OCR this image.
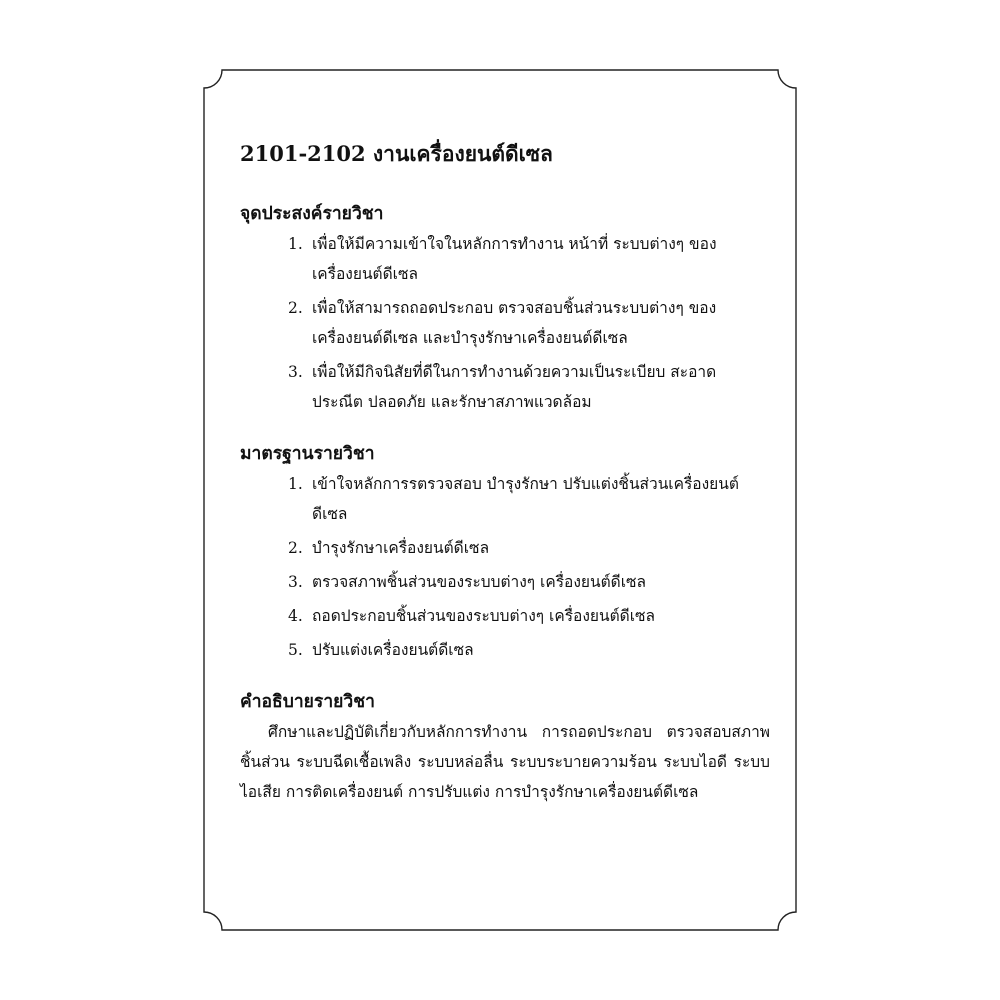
2101-2102 งานเครื่องยนต์ดีเซล
จุดประสงค์รายวิชา
1. เพื่อให้มีความเข้าใจในหลักการทำงาน หน้าที่ ระบบต่างๆ ของเครื่องยนต์ดีเซล
2. เพื่อให้สามารถถอดประกอบ ตรวจสอบชิ้นส่วนระบบต่างๆ ของเครื่องยนต์ดีเซล และบำรุงรักษาเครื่องยนต์ดีเซล
3. เพื่อให้มีกิจนิสัยที่ดีในการทำงานด้วยความเป็นระเบียบ สะอาด ประณีต ปลอดภัย และรักษาสภาพแวดล้อม
มาตรฐานรายวิชา
1. เข้าใจหลักการรตรวจสอบ บำรุงรักษา ปรับแต่งชิ้นส่วนเครื่องยนต์ดีเซล
2. บำรุงรักษาเครื่องยนต์ดีเซล
3. ตรวจสภาพชิ้นส่วนของระบบต่างๆ เครื่องยนต์ดีเซล
4. ถอดประกอบชิ้นส่วนของระบบต่างๆ เครื่องยนต์ดีเซล
5. ปรับแต่งเครื่องยนต์ดีเซล
คำอธิบายรายวิชา

ศึกษาและปฏิบัติเกี่ยวกับหลักการทำงาน การถอดประกอบ ตรวจสอบสภาพชิ้นส่วน ระบบฉีดเชื้อเพลิง ระบบหล่อลื่น ระบบระบายความร้อน ระบบไอดี ระบบไอเสีย การติดเครื่องยนต์ การปรับแต่ง การบำรุงรักษาเครื่องยนต์ดีเซล
